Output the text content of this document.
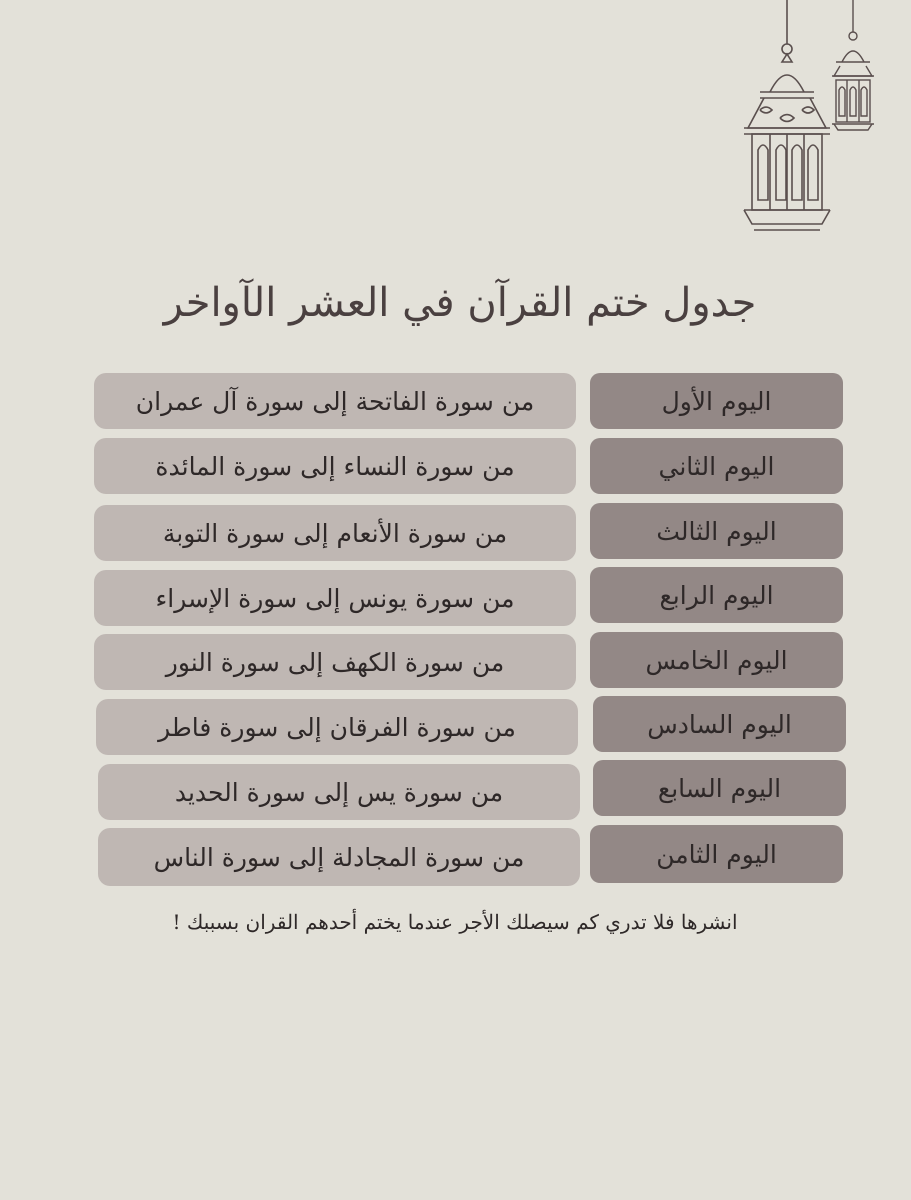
جدول ختم القرآن في العشر الآواخر
اليوم الأول
من سورة الفاتحة إلى سورة آل عمران
اليوم الثاني
من سورة النساء إلى سورة المائدة
اليوم الثالث
من سورة الأنعام إلى سورة التوبة
اليوم الرابع
من سورة يونس إلى سورة الإسراء
اليوم الخامس
من سورة الكهف إلى سورة النور
اليوم السادس
من سورة الفرقان إلى سورة فاطر
اليوم السابع
من سورة يس إلى سورة الحديد
اليوم الثامن
من سورة المجادلة إلى سورة الناس
انشرها فلا تدري كم سيصلك الأجر عندما يختم أحدهم القران بسببك !
